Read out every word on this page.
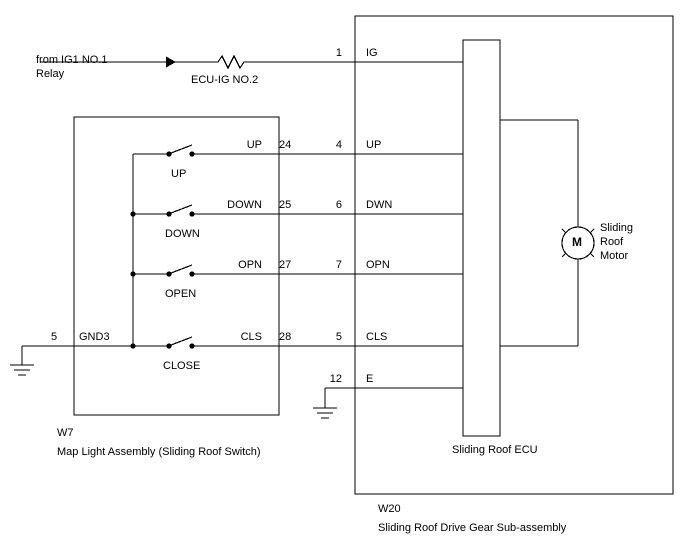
from IG1 NO.1
Relay	ECU-IG NO.2
1 IG
UP 24	4 UP
UP
DOWN 25	6 DWN
DOWN
OPN 27	7 OPN
OPEN
CLS 28	5 CLS
CLOSE
5 GND3
12 E
M
Sliding
Roof
Motor
W7
Map Light Assembly (Sliding Roof Switch)	Sliding Roof ECU
W20
Sliding Roof Drive Gear Sub-assembly
